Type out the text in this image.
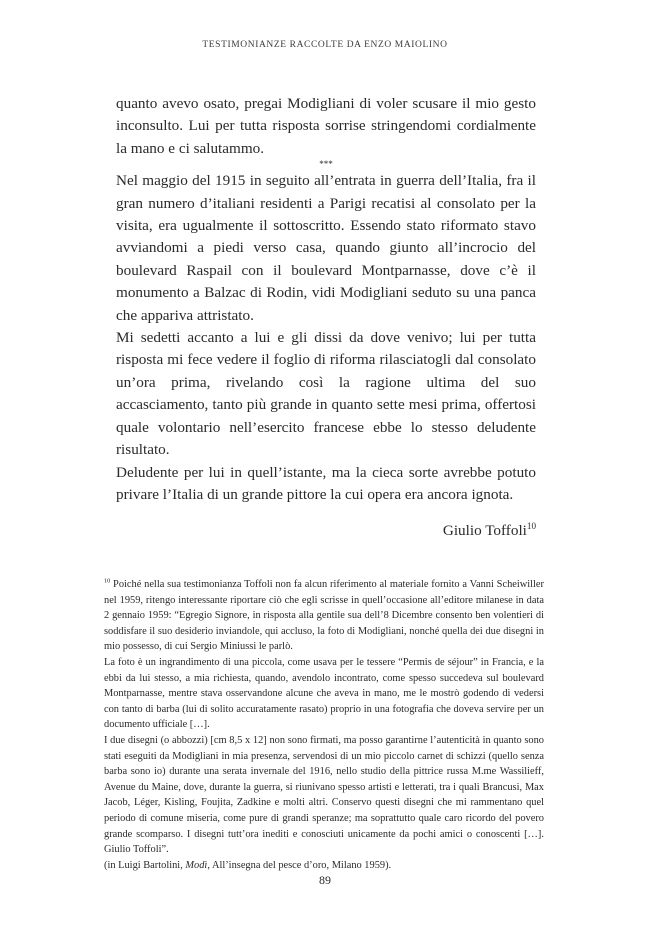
TESTIMONIANZE RACCOLTE DA ENZO MAIOLINO

quanto avevo osato, pregai Modigliani di voler scusare il mio gesto inconsulto. Lui per tutta risposta sorrise stringendomi cordialmente la mano e ci salutammo.

***

Nel maggio del 1915 in seguito all’entrata in guerra dell’Italia, fra il gran numero d’italiani residenti a Parigi recatisi al consolato per la visita, era ugualmente il sottoscritto. Essendo stato riformato stavo avviandomi a piedi verso casa, quando giunto all’incrocio del boulevard Raspail con il boulevard Montparnasse, dove c’è il monumento a Balzac di Rodin, vidi Modigliani seduto su una panca che appariva attristato.

Mi sedetti accanto a lui e gli dissi da dove venivo; lui per tutta risposta mi fece vedere il foglio di riforma rilasciatogli dal consolato un’ora prima, rivelando così la ragione ultima del suo accasciamento, tanto più grande in quanto sette mesi prima, offertosi quale volontario nell’esercito francese ebbe lo stesso deludente risultato.

Deludente per lui in quell’istante, ma la cieca sorte avrebbe potuto privare l’Italia di un grande pittore la cui opera era ancora ignota.

Giulio Toffoli$^{10}$

$^{10}$ Poiché nella sua testimonianza Toffoli non fa alcun riferimento al materiale fornito a Vanni Scheiwiller nel 1959, ritengo interessante riportare ciò che egli scrisse in quell’occasione all’editore milanese in data 2 gennaio 1959: “Egregio Signore, in risposta alla gentile sua dell’8 Dicembre consento ben volentieri di soddisfare il suo desiderio inviandole, qui accluso, la foto di Modigliani, nonché quella dei due disegni in mio possesso, di cui Sergio Miniussi le parlò.

La foto è un ingrandimento di una piccola, come usava per le tessere “Permis de séjour” in Francia, e la ebbi da lui stesso, a mia richiesta, quando, avendolo incontrato, come spesso succedeva sul boulevard Montparnasse, mentre stava osservandone alcune che aveva in mano, me le mostrò godendo di vedersi con tanto di barba (lui di solito accuratamente rasato) proprio in una fotografia che doveva servire per un documento ufficiale […].

I due disegni (o abbozzi) [cm 8,5 x 12] non sono firmati, ma posso garantirne l’autenticità in quanto sono stati eseguiti da Modigliani in mia presenza, servendosi di un mio piccolo carnet di schizzi (quello senza barba sono io) durante una serata invernale del 1916, nello studio della pittrice russa M.me Wassilieff, Avenue du Maine, dove, durante la guerra, si riunivano spesso artisti e letterati, tra i quali Brancusi, Max Jacob, Léger, Kisling, Foujita, Zadkine e molti altri. Conservo questi disegni che mi rammentano quel periodo di comune miseria, come pure di grandi speranze; ma soprattutto quale caro ricordo del povero grande scomparso. I disegni tutt’ora inediti e conosciuti unicamente da pochi amici o conoscenti […]. Giulio Toffoli”.

(in Luigi Bartolini, Modì, All’insegna del pesce d’oro, Milano 1959).

89
